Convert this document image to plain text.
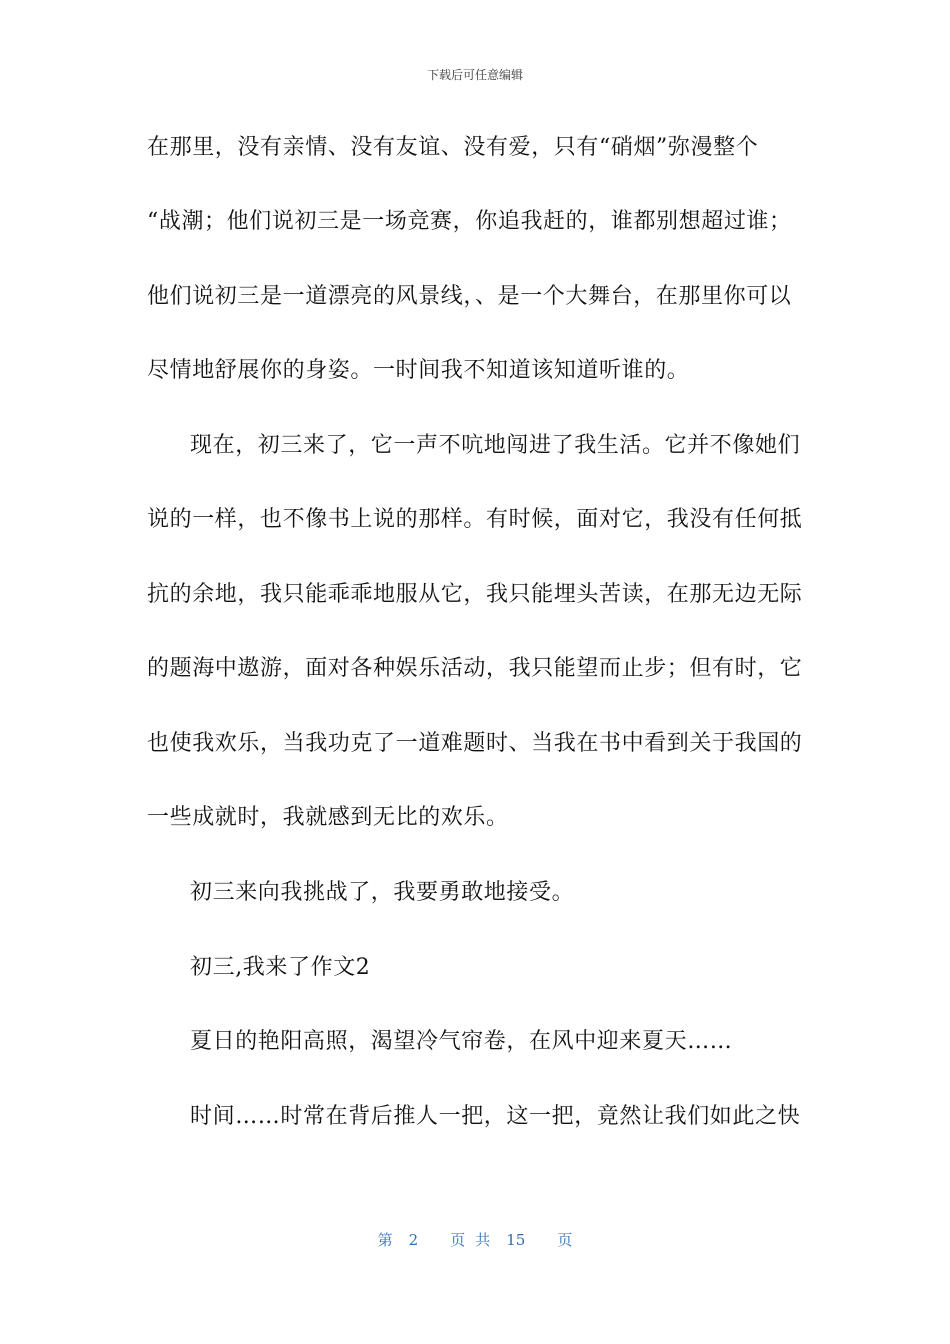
下载后可任意编辑
在那里，没有亲情、没有友谊、没有爱，只有“硝烟”弥漫整个
“战潮；他们说初三是一场竞赛，你追我赶的，谁都别想超过谁；
他们说初三是一道漂亮的风景线，、是一个大舞台，在那里你可以
尽情地舒展你的身姿。一时间我不知道该知道听谁的。
现在，初三来了，它一声不吭地闯进了我生活。它并不像她们
说的一样，也不像书上说的那样。有时候，面对它，我没有任何抵
抗的余地，我只能乖乖地服从它，我只能埋头苦读，在那无边无际
的题海中遨游，面对各种娱乐活动，我只能望而止步；但有时，它
也使我欢乐，当我功克了一道难题时、当我在书中看到关于我国的
一些成就时，我就感到无比的欢乐。
初三来向我挑战了，我要勇敢地接受。
初三,我来了作文2
夏日的艳阳高照，渴望冷气帘卷，在风中迎来夏天……
时间……时常在背后推人一把，这一把，竟然让我们如此之快
第 2 页 共 15 页
